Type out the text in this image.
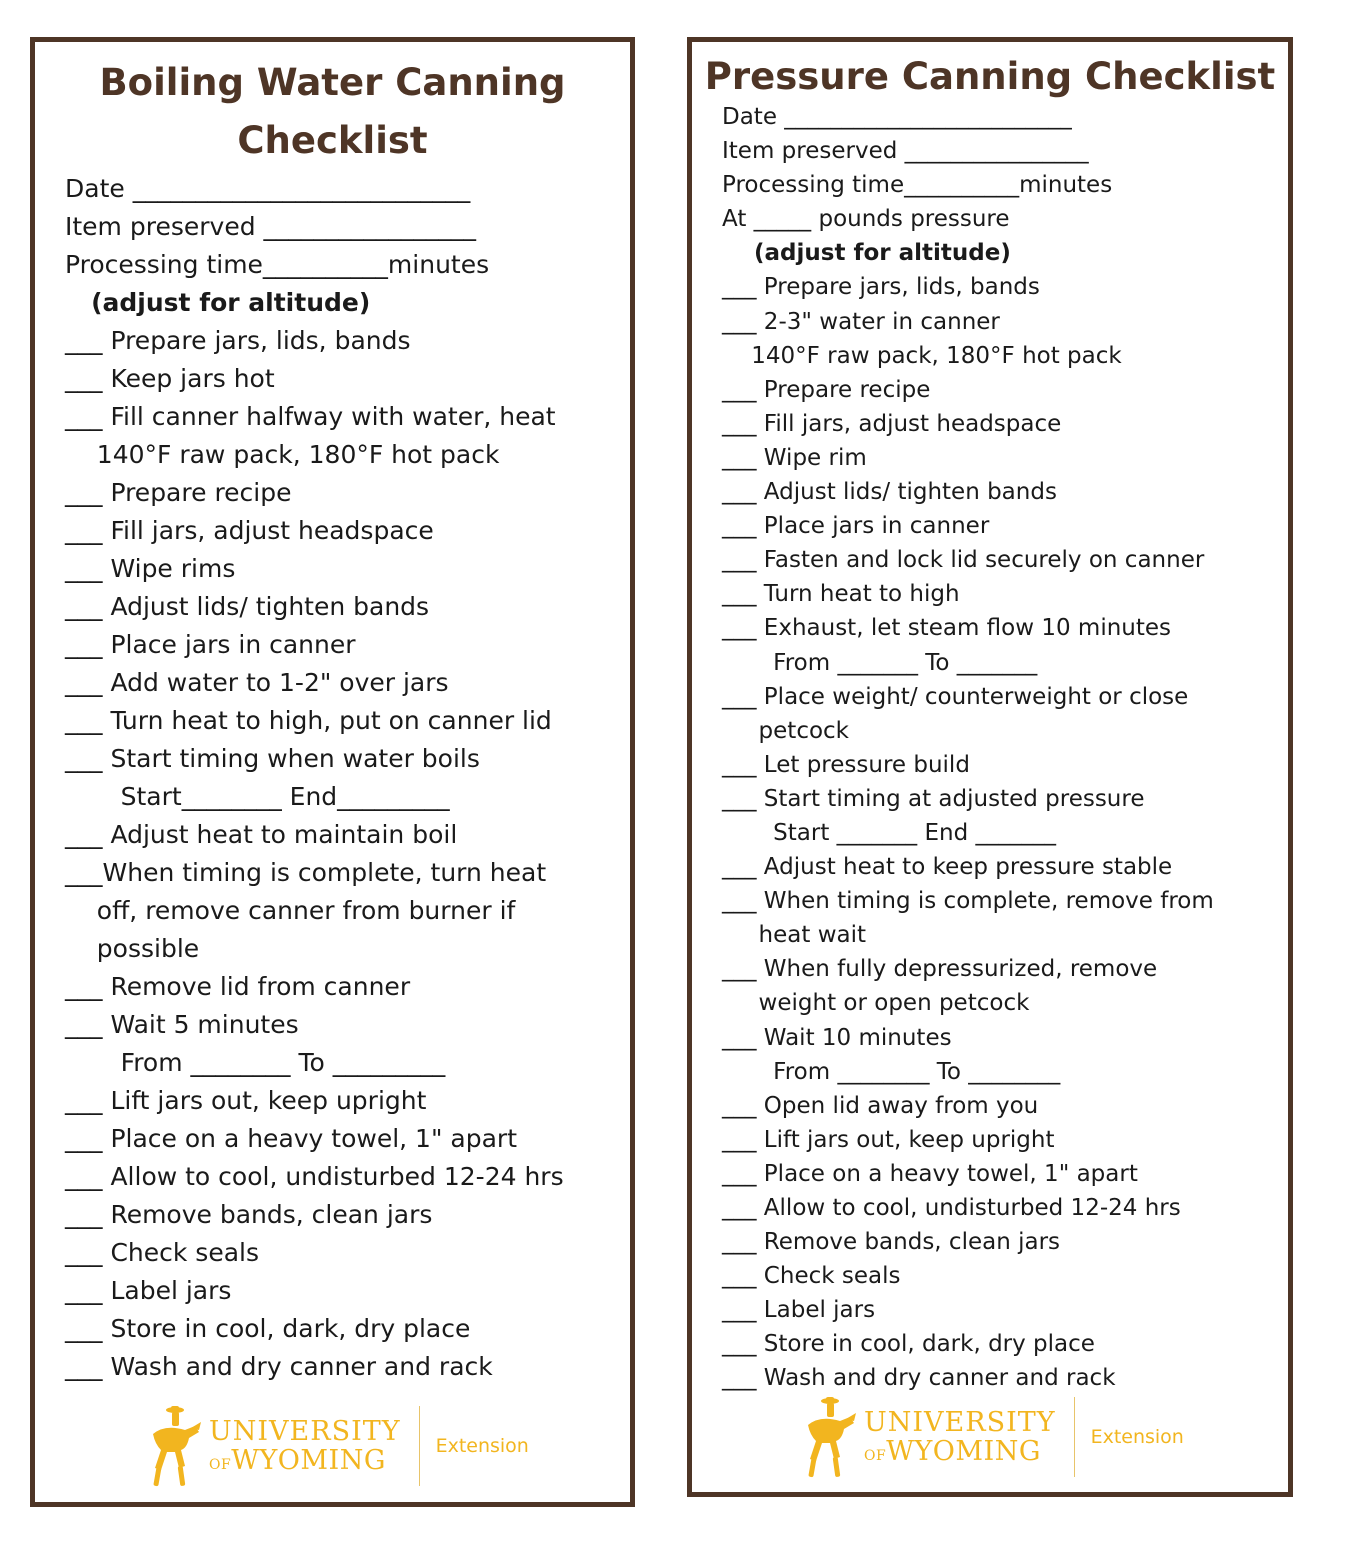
Boiling Water Canning
Checklist

Date ___________________________

Item preserved _________________

Processing time__________minutes

(adjust for altitude)

___ Prepare jars, lids, bands

___ Keep jars hot

___ Fill canner halfway with water, heat

140°F raw pack, 180°F hot pack

___ Prepare recipe

___ Fill jars, adjust headspace

___ Wipe rims

___ Adjust lids/ tighten bands

___ Place jars in canner

___ Add water to 1-2" over jars

___ Turn heat to high, put on canner lid

___ Start timing when water boils

Start________ End_________

___ Adjust heat to maintain boil

___When timing is complete, turn heat

off, remove canner from burner if

possible

___ Remove lid from canner

___ Wait 5 minutes

From ________ To _________

___ Lift jars out, keep upright

___ Place on a heavy towel, 1" apart

___ Allow to cool, undisturbed 12-24 hrs

___ Remove bands, clean jars

___ Check seals

___ Label jars

___ Store in cool, dark, dry place

___ Wash and dry canner and rack

UNIVERSITY
OFWYOMING	Extension
Pressure Canning Checklist

Date _________________________

Item preserved ________________

Processing time__________minutes

At _____ pounds pressure

(adjust for altitude)

___ Prepare jars, lids, bands

___ 2-3" water in canner

140°F raw pack, 180°F hot pack

___ Prepare recipe

___ Fill jars, adjust headspace

___ Wipe rim

___ Adjust lids/ tighten bands

___ Place jars in canner

___ Fasten and lock lid securely on canner

___ Turn heat to high

___ Exhaust, let steam flow 10 minutes

From _______ To _______

___ Place weight/ counterweight or close

petcock

___ Let pressure build

___ Start timing at adjusted pressure

Start _______ End _______

___ Adjust heat to keep pressure stable

___ When timing is complete, remove from

heat wait

___ When fully depressurized, remove

weight or open petcock

___ Wait 10 minutes

From ________ To ________

___ Open lid away from you

___ Lift jars out, keep upright

___ Place on a heavy towel, 1" apart

___ Allow to cool, undisturbed 12-24 hrs

___ Remove bands, clean jars

___ Check seals

___ Label jars

___ Store in cool, dark, dry place

___ Wash and dry canner and rack

UNIVERSITY
OFWYOMING	Extension
